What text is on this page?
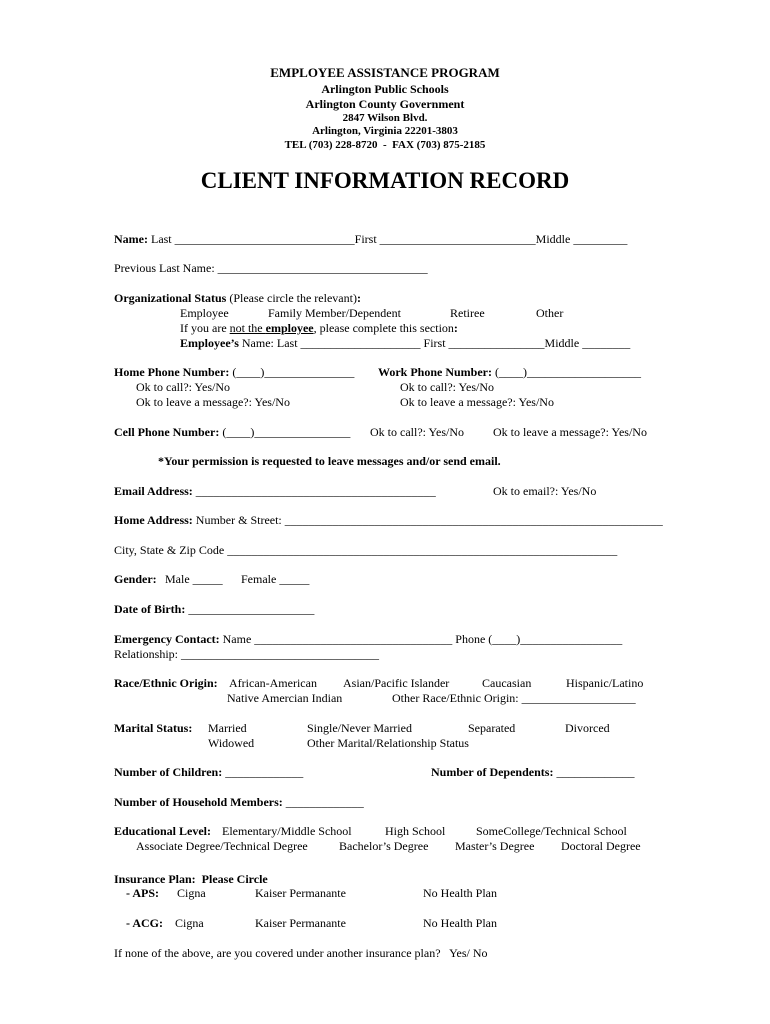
EMPLOYEE ASSISTANCE PROGRAM
Arlington Public Schools
Arlington County Government
2847 Wilson Blvd.
Arlington, Virginia 22201-3803
TEL (703) 228-8720  -  FAX (703) 875-2185
CLIENT INFORMATION RECORD
Name: Last ______________________________First __________________________Middle _________
Previous Last Name: ___________________________________
Organizational Status (Please circle the relevant):
Employee	Family Member/Dependent	Retiree	Other
If you are not the employee, please complete this section:
Employee’s Name: Last ____________________ First ________________Middle ________
Home Phone Number: (____)_______________ Work Phone Number: (____)___________________
Ok to call?: Yes/No	Ok to call?: Yes/No
Ok to leave a message?: Yes/No	Ok to leave a message?: Yes/No
Cell Phone Number: (____)________________ Ok to call?: Yes/No Ok to leave a message?: Yes/No
*Your permission is requested to leave messages and/or send email.
Email Address: ________________________________________	Ok to email?: Yes/No
Home Address: Number & Street: _______________________________________________________________
City, State & Zip Code _________________________________________________________________
Gender: Male _____ Female _____
Date of Birth: _____________________
Emergency Contact: Name _________________________________ Phone (____)_________________
Relationship: _________________________________
Race/Ethnic Origin: African-American Asian/Pacific Islander	Caucasian	Hispanic/Latino
Native Amercian Indian	Other Race/Ethnic Origin: ___________________
Marital Status: Married	Single/Never Married	Separated	Divorced
Widowed	Other Marital/Relationship Status
Number of Children: _____________	Number of Dependents: _____________
Number of Household Members: _____________
Educational Level: Elementary/Middle School	High School	SomeCollege/Technical School
Associate Degree/Technical Degree	Bachelor’s Degree Master’s Degree Doctoral Degree
Insurance Plan:  Please Circle
- APS: Cigna	Kaiser Permanante	No Health Plan
- ACG: Cigna	Kaiser Permanante	No Health Plan
If none of the above, are you covered under another insurance plan?   Yes/ No
